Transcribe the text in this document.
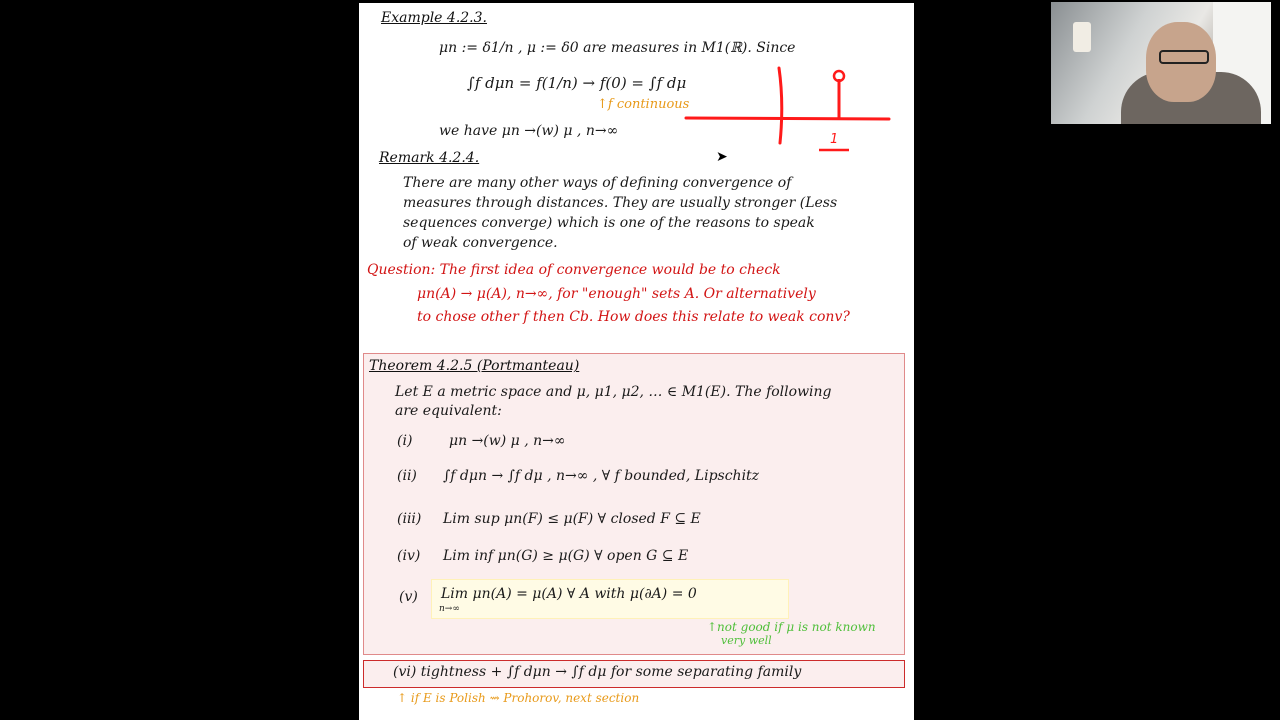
Example 4.2.3.
μn := δ1/n , μ := δ0 are measures in M1(ℝ). Since
∫f dμn = f(1/n) → f(0) = ∫f dμ
↑f continuous
we have μn →(w) μ , n→∞
1
Remark 4.2.4.
There are many other ways of defining convergence of
measures through distances. They are usually stronger (Less
sequences converge) which is one of the reasons to speak
of weak convergence.
Question: The first idea of convergence would be to check
μn(A) → μ(A), n→∞, for "enough" sets A. Or alternatively
to chose other f then Cb. How does this relate to weak conv?
Theorem 4.2.5 (Portmanteau)
Let E a metric space and μ, μ1, μ2, … ∈ M1(E). The following
are equivalent:
(i)	μn →(w) μ , n→∞
(ii) ∫f dμn → ∫f dμ , n→∞ , ∀ f bounded, Lipschitz
(iii) Lim sup μn(F) ≤ μ(F) ∀ closed F ⊆ E
(iv) Lim inf μn(G) ≥ μ(G) ∀ open G ⊆ E
(v) Lim μn(A) = μ(A) ∀ A with μ(∂A) = 0
n→∞
↑not good if μ is not known
very well
(vi) tightness + ∫f dμn → ∫f dμ for some separating family
↑ if E is Polish ⇝ Prohorov, next section
➤
